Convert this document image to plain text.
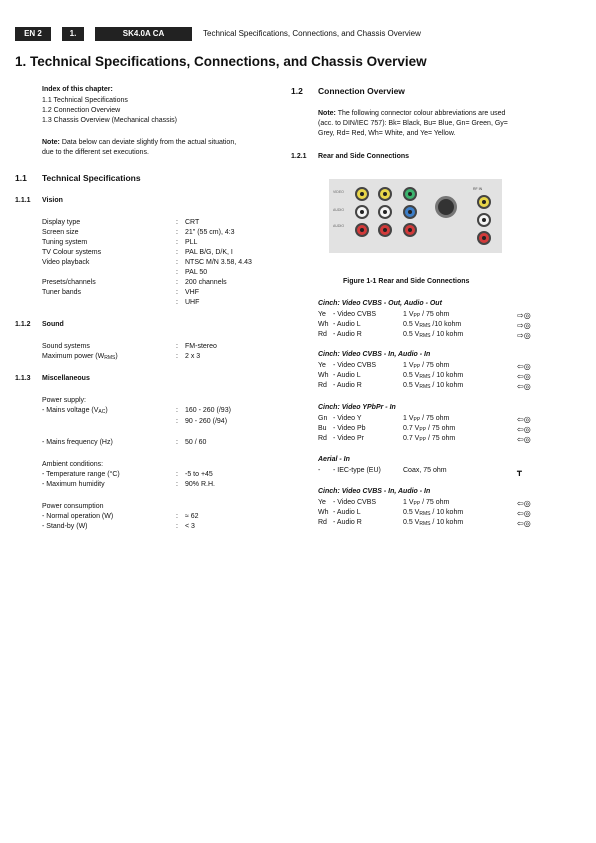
EN 2	1.	SK4.0A CA	Technical Specifications, Connections, and Chassis Overview
1. Technical Specifications, Connections, and Chassis Overview
Index of this chapter:
1.1 Technical Specifications
1.2 Connection Overview
1.3 Chassis Overview (Mechanical chassis)
Note: Data below can deviate slightly from the actual situation,
due to the different set executions.
1.1 Technical Specifications
1.1.1 Vision
Display type	: CRT
Screen size	: 21" (55 cm), 4:3
Tuning system	: PLL
TV Colour systems	: PAL B/G, D/K, I
Video playback	: NTSC M/N 3.58, 4.43
: PAL 50
Presets/channels	: 200 channels
Tuner bands	: VHF
: UHF
1.1.2 Sound
Sound systems	: FM-stereo
Maximum power $(W_{RMS})$	: 2 x 3
1.1.3 Miscellaneous
Power supply:
- Mains voltage $(V_{AC})$	: 160 - 260 (/93)
: 90 - 260 (/94)
- Mains frequency (Hz)	: 50 / 60
Ambient conditions:
- Temperature range (°C)	: -5 to +45
- Maximum humidity	: 90% R.H.
Power consumption
- Normal operation (W)	: ≈ 62
- Stand-by (W)	: < 3
1.2 Connection Overview
Note: The following connector colour abbreviations are used
(acc. to DIN/IEC 757): Bk= Black, Bu= Blue, Gn= Green, Gy=
Grey, Rd= Red, Wh= White, and Ye= Yellow.
1.2.1 Rear and Side Connections
VIDEO
AUDIO
AUDIO
RF IN
Figure 1-1 Rear and Side Connections
Cinch: Video CVBS - Out, Audio - Out
Ye - Video CVBS	1 $V_{PP} / 75$ ohm	⇨◎
Wh - Audio L	0.5 $V_{RMS}$ /10 kohm	⇨◎
Rd - Audio R	0.5 $V_{RMS} / 10$ kohm	⇨◎
Cinch: Video CVBS - In, Audio - In
Ye - Video CVBS	1 $V_{PP} / 75$ ohm	⇦◎
Wh - Audio L	0.5 $V_{RMS} / 10$ kohm	⇦◎
Rd - Audio R	0.5 $V_{RMS} / 10$ kohm	⇦◎
Cinch: Video YPbPr - In
Gn - Video Y	1 $V_{PP} / 75$ ohm	⇦◎
Bu - Video Pb	0.7 $V_{PP} / 75$ ohm	⇦◎
Rd - Video Pr	0.7 $V_{PP} / 75$ ohm	⇦◎
Aerial - In
- - IEC-type (EU)	Coax, 75 ohm	┳
Cinch: Video CVBS - In, Audio - In
Ye - Video CVBS	1 $V_{PP} / 75$ ohm	⇦◎
Wh - Audio L	0.5 $V_{RMS} / 10$ kohm	⇦◎
Rd - Audio R	0.5 $V_{RMS} / 10$ kohm	⇦◎
